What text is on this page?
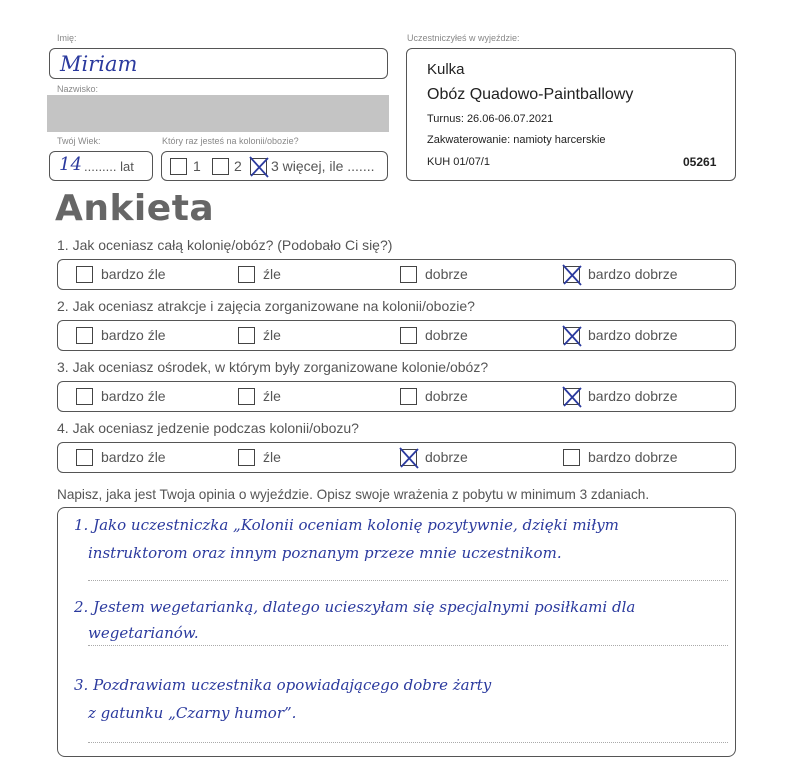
Imię:
Miriam
Nazwisko:
Twój Wiek:
14 ......... lat
Który raz jesteś na kolonii/obozie?
1 2 3 więcej, ile .......
Uczestniczyłeś w wyjeździe:
Kulka
Obóz Quadowo-Paintballowy
Turnus: 26.06-06.07.2021
Zakwaterowanie: namioty harcerskie
KUH 01/07/1	05261
Ankieta
1. Jak oceniasz całą kolonię/obóz? (Podobało Ci się?)
bardzo źle	źle	dobrze	bardzo dobrze
2. Jak oceniasz atrakcje i zajęcia zorganizowane na kolonii/obozie?
bardzo źle	źle	dobrze	bardzo dobrze
3. Jak oceniasz ośrodek, w którym były zorganizowane kolonie/obóz?
bardzo źle	źle	dobrze	bardzo dobrze
4. Jak oceniasz jedzenie podczas kolonii/obozu?
bardzo źle	źle	dobrze	bardzo dobrze
Napisz, jaka jest Twoja opinia o wyjeździe. Opisz swoje wrażenia z pobytu w minimum 3 zdaniach.
1. Jako uczestniczka „Kolonii oceniam kolonię pozytywnie, dzięki miłym
instruktorom oraz innym poznanym przeze mnie uczestnikom.
2. Jestem wegetarianką, dlatego ucieszyłam się specjalnymi posiłkami dla
wegetarianów.
3. Pozdrawiam uczestnika opowiadającego dobre żarty
z gatunku „Czarny humor”.
